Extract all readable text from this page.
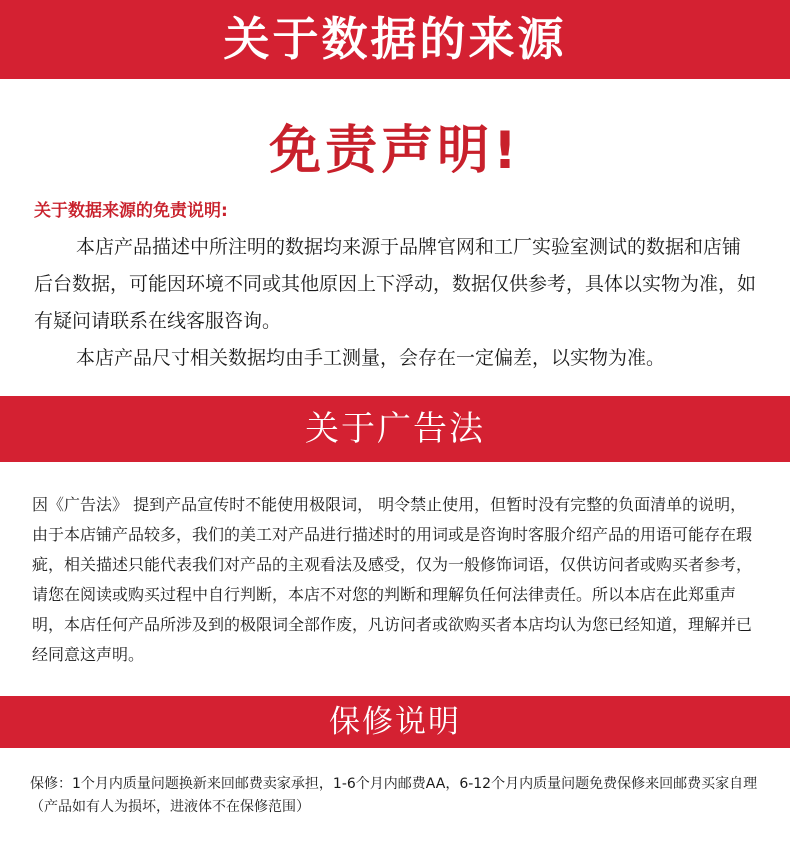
关于数据的来源
免责声明!
关于数据来源的免责说明:

本店产品描述中所注明的数据均来源于品牌官网和工厂实验室测试的数据和店铺后台数据，可能因环境不同或其他原因上下浮动，数据仅供参考，具体以实物为准，如有疑问请联系在线客服咨询。

本店产品尺寸相关数据均由手工测量，会存在一定偏差，以实物为准。

关于广告法

因《广告法》 提到产品宣传时不能使用极限词， 明令禁止使用，但暂时没有完整的负面清单的说明，由于本店铺产品较多，我们的美工对产品进行描述时的用词或是咨询时客服介绍产品的用语可能存在瑕疵，相关描述只能代表我们对产品的主观看法及感受，仅为一般修饰词语，仅供访问者或购买者参考，请您在阅读或购买过程中自行判断，本店不对您的判断和理解负任何法律责任。所以本店在此郑重声明，本店任何产品所涉及到的极限词全部作废，凡访问者或欲购买者本店均认为您已经知道，理解并已经同意这声明。

保修说明

保修：1个月内质量问题换新来回邮费卖家承担，1-6个月内邮费AA，6-12个月内质量问题免费保修来回邮费买家自理（产品如有人为损坏，进液体不在保修范围）
